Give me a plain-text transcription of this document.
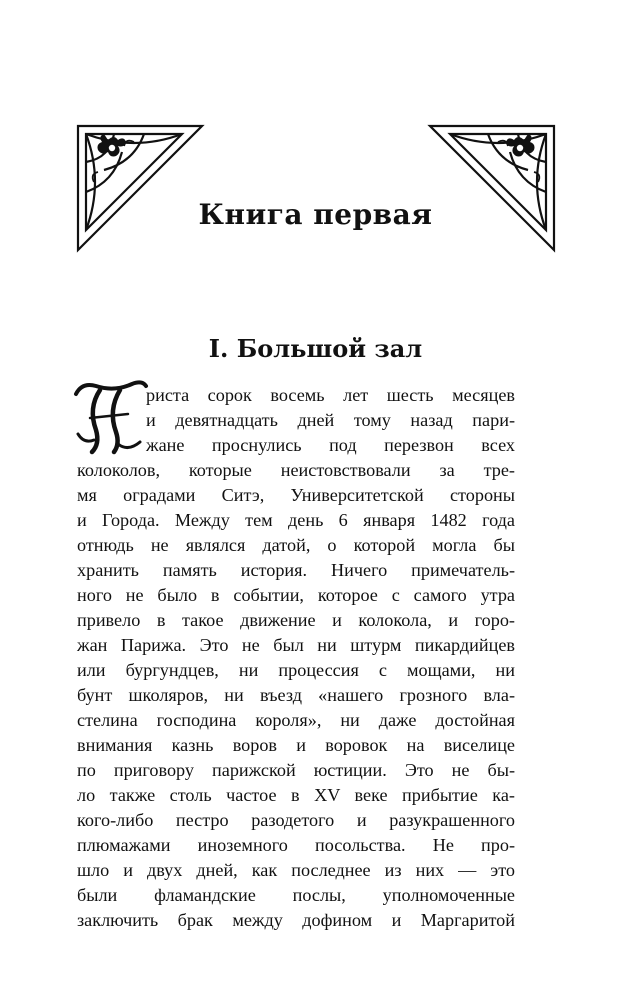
Книга первая
I. Большой зал
риста сорок восемь лет шесть месяцев
и девятнадцать дней тому назад пари-
жане проснулись под перезвон всех
колоколов, которые неистовствовали за тре-
мя оградами Ситэ, Университетской стороны
и Города. Между тем день 6 января 1482 года
отнюдь не являлся датой, о которой могла бы
хранить память история. Ничего примечатель-
ного не было в событии, которое с самого утра
привело в такое движение и колокола, и горо-
жан Парижа. Это не был ни штурм пикардийцев
или бургундцев, ни процессия с мощами, ни
бунт школяров, ни въезд «нашего грозного вла-
стелина господина короля», ни даже достойная
внимания казнь воров и воровок на виселице
по приговору парижской юстиции. Это не бы-
ло также столь частое в XV веке прибытие ка-
кого-либо пестро разодетого и разукрашенного
плюмажами иноземного посольства. Не про-
шло и двух дней, как последнее из них — это
были фламандские послы, уполномоченные
заключить брак между дофином и Маргаритой
